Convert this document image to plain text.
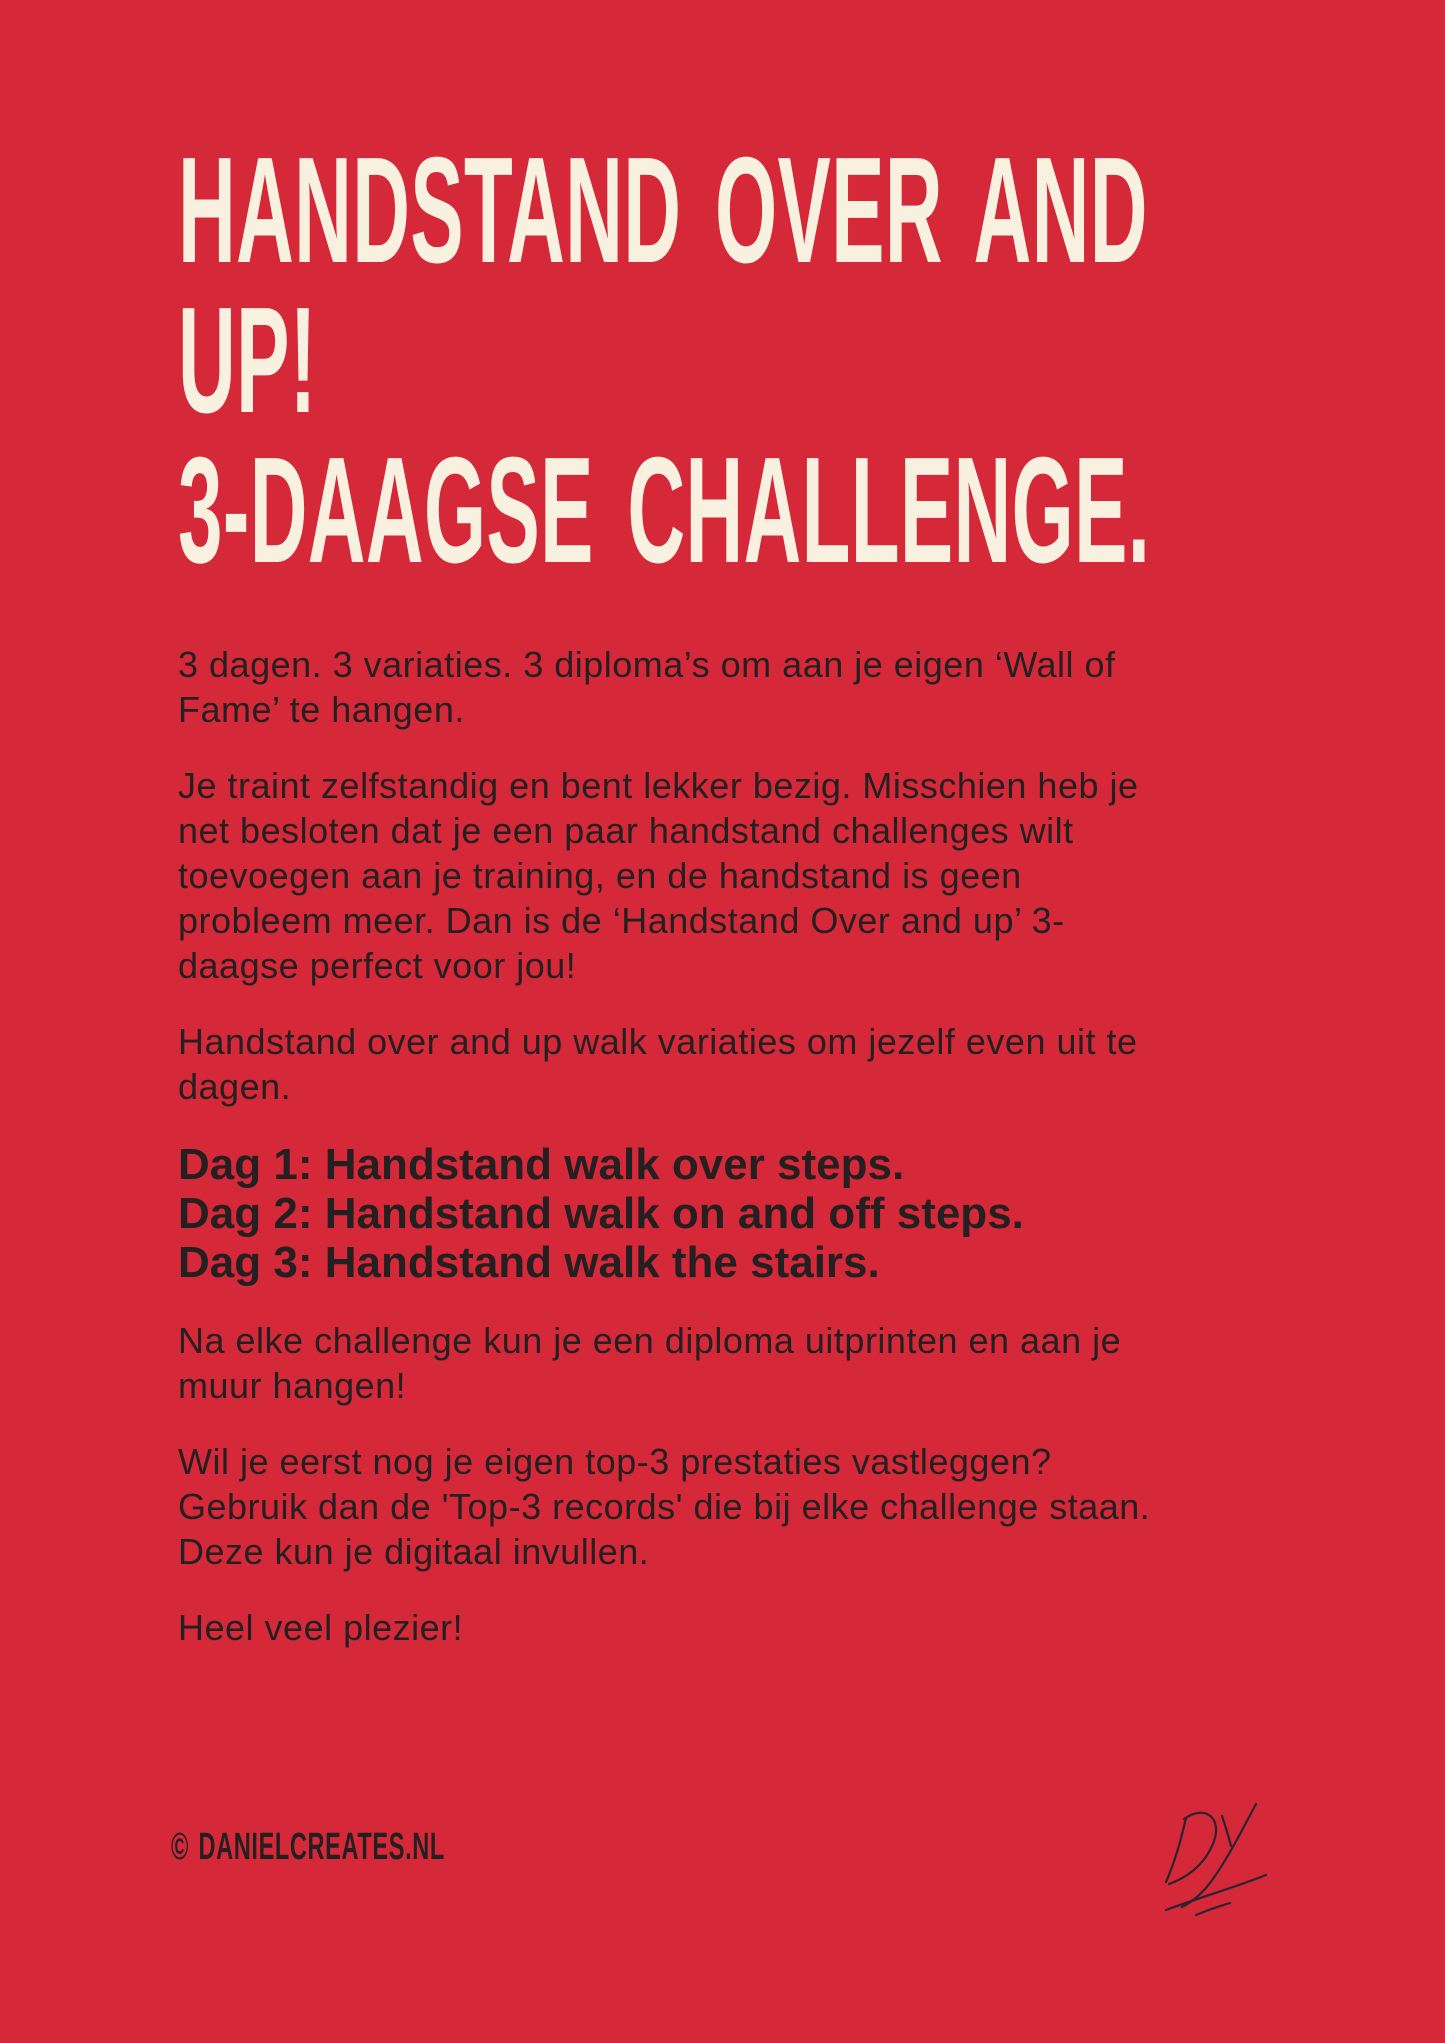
HANDSTAND OVER AND
UP!
3-DAAGSE CHALLENGE.
3 dagen. 3 variaties. 3 diploma’s om aan je eigen ‘Wall of
Fame’ te hangen.
Je traint zelfstandig en bent lekker bezig. Misschien heb je
net besloten dat je een paar handstand challenges wilt
toevoegen aan je training, en de handstand is geen
probleem meer. Dan is de ‘Handstand Over and up’ 3-
daagse perfect voor jou!
Handstand over and up walk variaties om jezelf even uit te
dagen.
Dag 1: Handstand walk over steps.
Dag 2: Handstand walk on and off steps.
Dag 3: Handstand walk the stairs.
Na elke challenge kun je een diploma uitprinten en aan je
muur hangen!
Wil je eerst nog je eigen top-3 prestaties vastleggen?
Gebruik dan de 'Top-3 records' die bij elke challenge staan.
Deze kun je digitaal invullen.
Heel veel plezier!
© DANIELCREATES.NL
